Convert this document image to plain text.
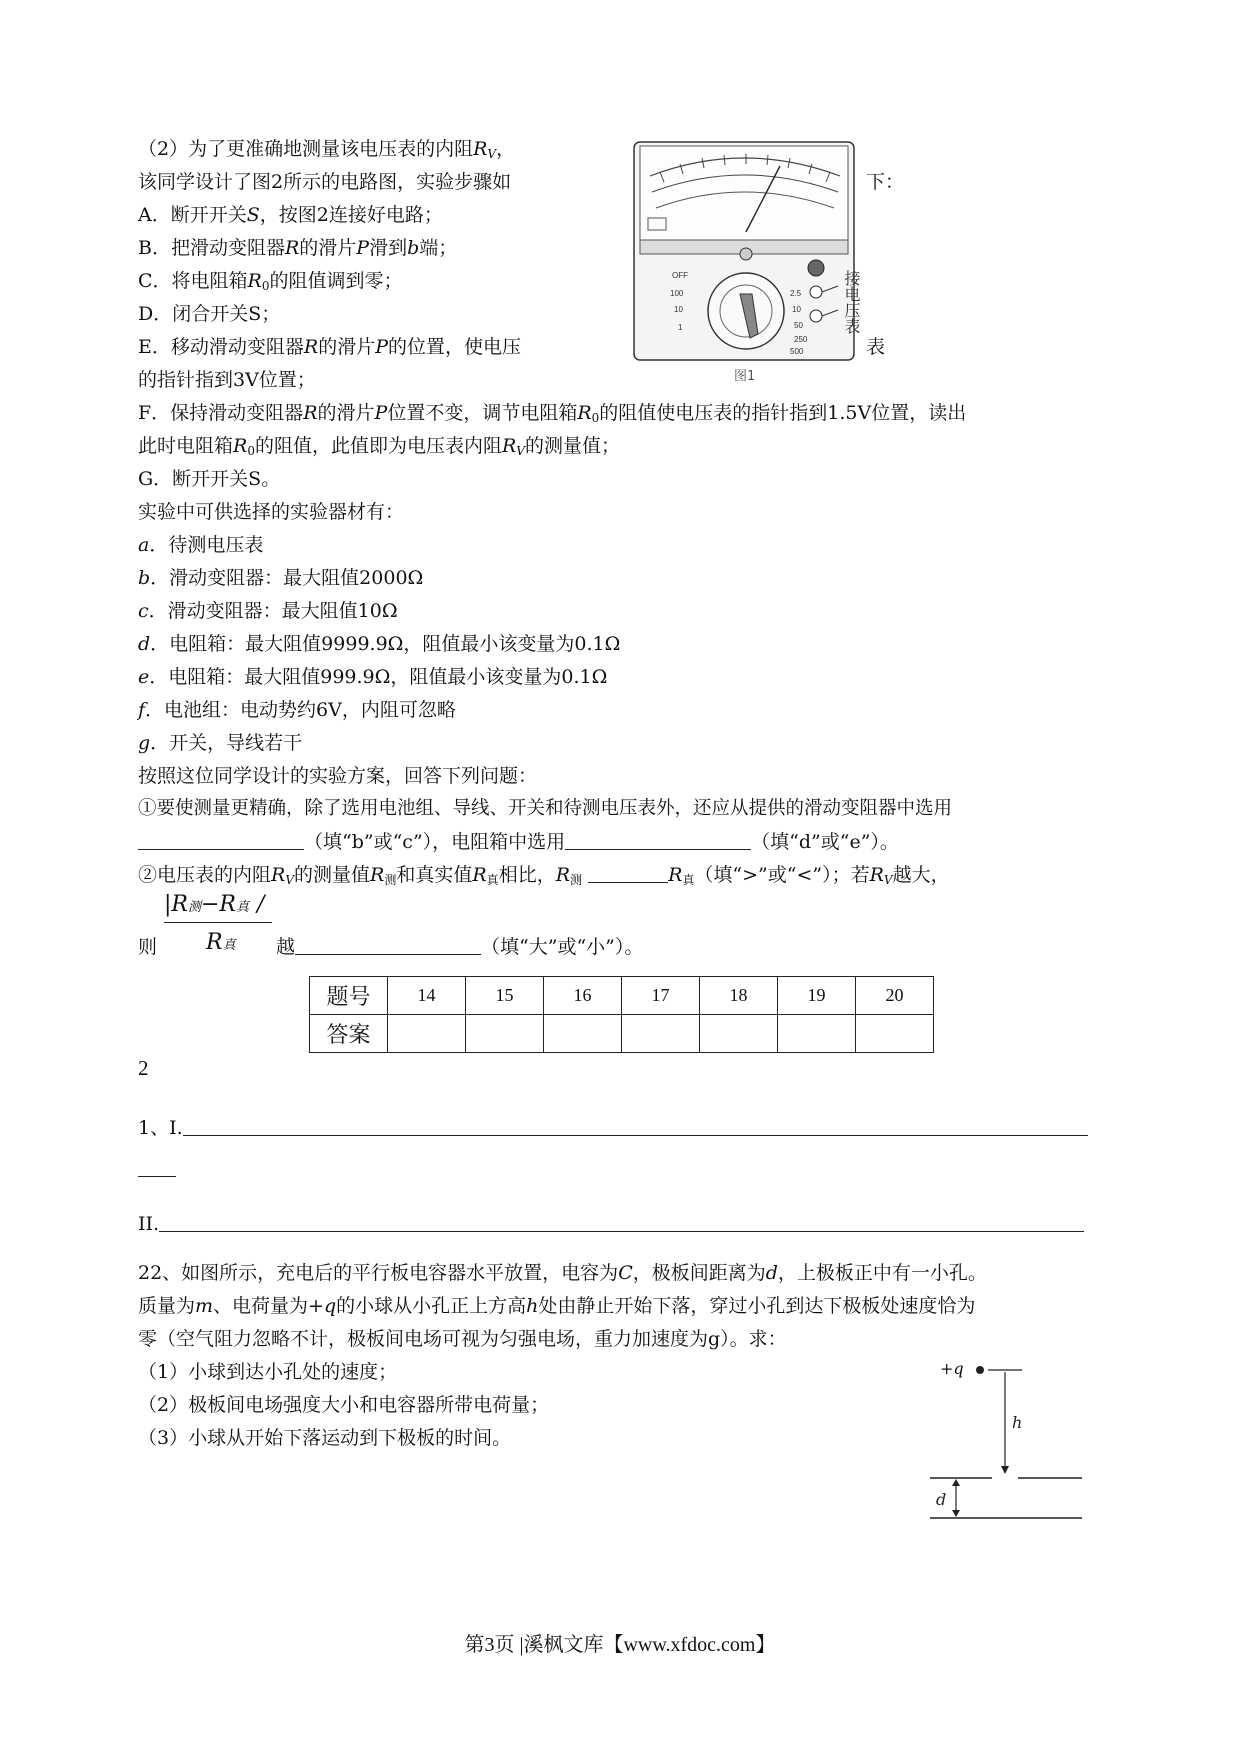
（2）为了更准确地测量该电压表的内阻$R_V$，
该同学设计了图2所示的电路图，实验步骤如	下：
A．断开开关S，按图2连接好电路；
B．把滑动变阻器R的滑片P滑到b端；
C．将电阻箱$R_0$的阻值调到零；
D．闭合开关S；
E．移动滑动变阻器R的滑片P的位置，使电压	表
的指针指到3V位置；
F．保持滑动变阻器R的滑片P位置不变，调节电阻箱$R_0$的阻值使电压表的指针指到1.5V位置，读出
此时电阻箱$R_0$的阻值，此值即为电压表内阻$R_V$的测量值；
G．断开开关S。
实验中可供选择的实验器材有：
a．待测电压表
b．滑动变阻器：最大阻值2000Ω
c．滑动变阻器：最大阻值10Ω
d．电阻箱：最大阻值9999.9Ω，阻值最小该变量为0.1Ω
e．电阻箱：最大阻值999.9Ω，阻值最小该变量为0.1Ω
f．电池组：电动势约6V，内阻可忽略
g．开关，导线若干
按照这位同学设计的实验方案，回答下列问题：
①要使测量更精确，除了选用电池组、导线、开关和待测电压表外，还应从提供的滑动变阻器中选用
（填“b”或“c”），电阻箱中选用	（填“d”或“e”）。
②电压表的内阻$R_V$的测量值$R_测$和真实值$R_真$相比，$R_测$	$R_真$（填“>”或“<”）；若$R_V$越大，
|R测−R真 /
R真
则	越	（填“大”或“小”）。
OFF
100
10
1
2.5
10
50
250
500
图1
接电压表
题号	14	15	16	17	18	19	20
答案							
2
1、I.
II.
22、如图所示，充电后的平行板电容器水平放置，电容为C，极板间距离为d，上极板正中有一小孔。
质量为m、电荷量为+q的小球从小孔正上方高h处由静止开始下落，穿过小孔到达下极板处速度恰为
零（空气阻力忽略不计，极板间电场可视为匀强电场，重力加速度为g）。求：
（1）小球到达小孔处的速度；
（2）极板间电场强度大小和电容器所带电荷量；
（3）小球从开始下落运动到下极板的时间。
h
d
+q
第3页 |溪枫文库【www.xfdoc.com】
